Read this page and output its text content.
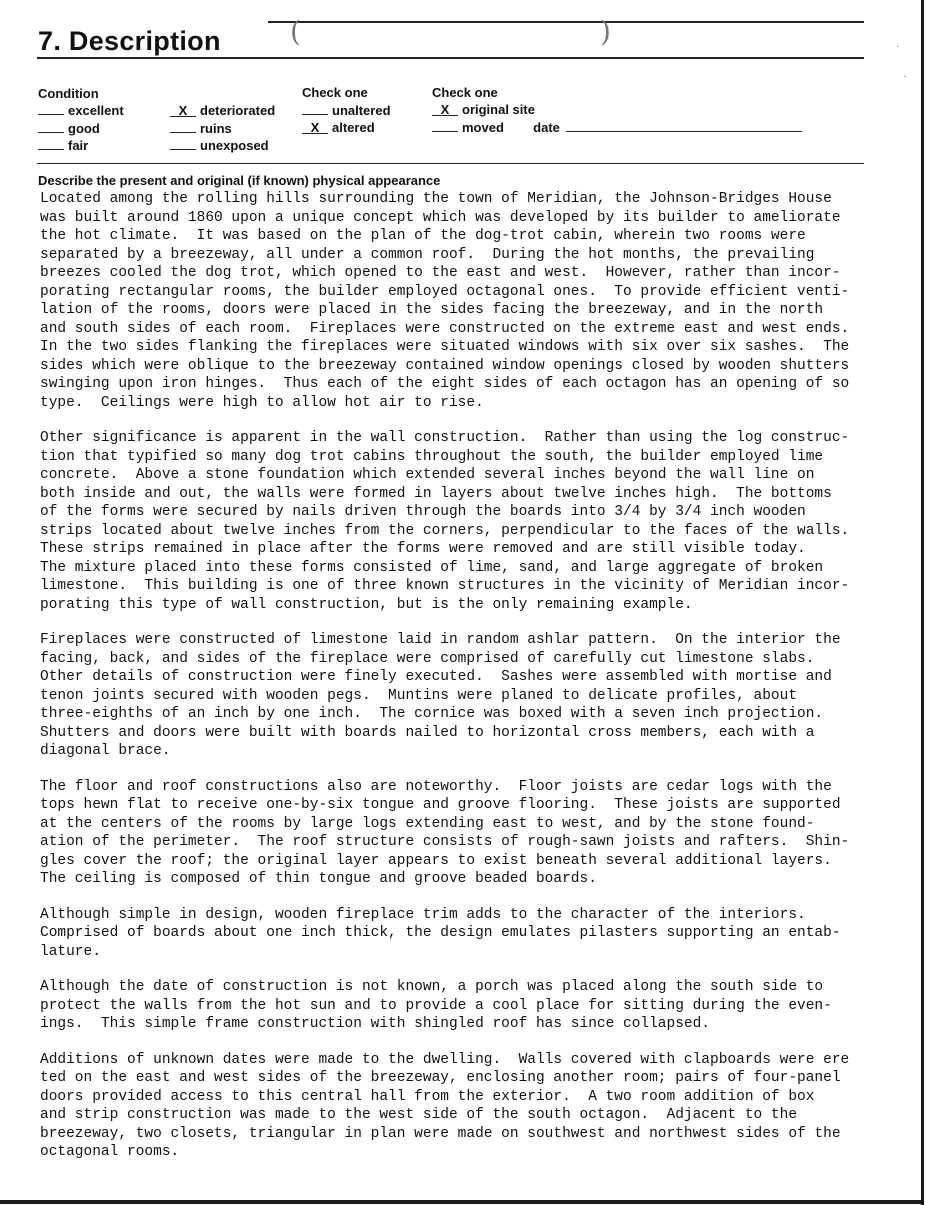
7. Description (	)	·
·
Condition
excellent
good
fair
X deteriorated
ruins
unexposed
Check one
unaltered
X altered
Check one
X original site
moved date
Describe the present and original (if known) physical appearance
Located among the rolling hills surrounding the town of Meridian, the Johnson-Bridges House
was built around 1860 upon a unique concept which was developed by its builder to ameliorate
the hot climate.  It was based on the plan of the dog-trot cabin, wherein two rooms were
separated by a breezeway, all under a common roof.  During the hot months, the prevailing
breezes cooled the dog trot, which opened to the east and west.  However, rather than incor-
porating rectangular rooms, the builder employed octagonal ones.  To provide efficient venti-
lation of the rooms, doors were placed in the sides facing the breezeway, and in the north
and south sides of each room.  Fireplaces were constructed on the extreme east and west ends.
In the two sides flanking the fireplaces were situated windows with six over six sashes.  The
sides which were oblique to the breezeway contained window openings closed by wooden shutters
swinging upon iron hinges.  Thus each of the eight sides of each octagon has an opening of so
type.  Ceilings were high to allow hot air to rise.
Other significance is apparent in the wall construction.  Rather than using the log construc-
tion that typified so many dog trot cabins throughout the south, the builder employed lime
concrete.  Above a stone foundation which extended several inches beyond the wall line on
both inside and out, the walls were formed in layers about twelve inches high.  The bottoms
of the forms were secured by nails driven through the boards into 3/4 by 3/4 inch wooden
strips located about twelve inches from the corners, perpendicular to the faces of the walls.
These strips remained in place after the forms were removed and are still visible today.
The mixture placed into these forms consisted of lime, sand, and large aggregate of broken
limestone.  This building is one of three known structures in the vicinity of Meridian incor-
porating this type of wall construction, but is the only remaining example.
Fireplaces were constructed of limestone laid in random ashlar pattern.  On the interior the
facing, back, and sides of the fireplace were comprised of carefully cut limestone slabs.
Other details of construction were finely executed.  Sashes were assembled with mortise and
tenon joints secured with wooden pegs.  Muntins were planed to delicate profiles, about
three-eighths of an inch by one inch.  The cornice was boxed with a seven inch projection.
Shutters and doors were built with boards nailed to horizontal cross members, each with a
diagonal brace.
The floor and roof constructions also are noteworthy.  Floor joists are cedar logs with the
tops hewn flat to receive one-by-six tongue and groove flooring.  These joists are supported
at the centers of the rooms by large logs extending east to west, and by the stone found-
ation of the perimeter.  The roof structure consists of rough-sawn joists and rafters.  Shin-
gles cover the roof; the original layer appears to exist beneath several additional layers.
The ceiling is composed of thin tongue and groove beaded boards.
Although simple in design, wooden fireplace trim adds to the character of the interiors.
Comprised of boards about one inch thick, the design emulates pilasters supporting an entab-
lature.
Although the date of construction is not known, a porch was placed along the south side to
protect the walls from the hot sun and to provide a cool place for sitting during the even-
ings.  This simple frame construction with shingled roof has since collapsed.
Additions of unknown dates were made to the dwelling.  Walls covered with clapboards were ere
ted on the east and west sides of the breezeway, enclosing another room; pairs of four-panel
doors provided access to this central hall from the exterior.  A two room addition of box
and strip construction was made to the west side of the south octagon.  Adjacent to the
breezeway, two closets, triangular in plan were made on southwest and northwest sides of the
octagonal rooms.
